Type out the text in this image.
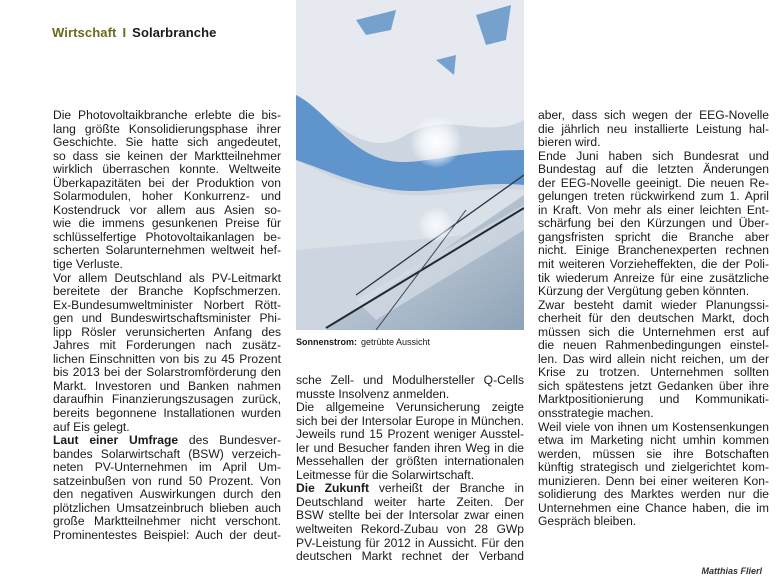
Wirtschaft I Solarbranche
Sonnenstrom: getrübte Aussicht
Die Photovoltaikbranche erlebte die bis-
lang größte Konsolidierungsphase ihrer
Geschichte. Sie hatte sich angedeutet,
so dass sie keinen der Marktteilnehmer
wirklich überraschen konnte. Weltweite
Überkapazitäten bei der Produktion von
Solarmodulen, hoher Konkurrenz- und
Kostendruck vor allem aus Asien so-
wie die immens gesunkenen Preise für
schlüsselfertige Photovoltaikanlagen be-
scherten Solarunternehmen weltweit hef-
tige Verluste.
Vor allem Deutschland als PV-Leitmarkt
bereitete der Branche Kopfschmerzen.
Ex-Bundesumweltminister Norbert Rött-
gen und Bundeswirtschaftsminister Phi-
lipp Rösler verunsicherten Anfang des
Jahres mit Forderungen nach zusätz-
lichen Einschnitten von bis zu 45 Prozent
bis 2013 bei der Solarstromförderung den
Markt. Investoren und Banken nahmen
daraufhin Finanzierungszusagen zurück,
bereits begonnene Installationen wurden
auf Eis gelegt.
Laut einer Umfrage des Bundesver-
bandes Solarwirtschaft (BSW) verzeich-
neten PV-Unternehmen im April Um-
satzeinbußen von rund 50 Prozent. Von
den negativen Auswirkungen durch den
plötzlichen Umsatzeinbruch blieben auch
große Marktteilnehmer nicht verschont.
Prominentestes Beispiel: Auch der deut-
sche Zell- und Modulhersteller Q-Cells
musste Insolvenz anmelden.
Die allgemeine Verunsicherung zeigte
sich bei der Intersolar Europe in München.
Jeweils rund 15 Prozent weniger Ausstel-
ler und Besucher fanden ihren Weg in die
Messehallen der größten internationalen
Leitmesse für die Solarwirtschaft.
Die Zukunft verheißt der Branche in
Deutschland weiter harte Zeiten. Der
BSW stellte bei der Intersolar zwar einen
weltweiten Rekord-Zubau von 28 GWp
PV-Leistung für 2012 in Aussicht. Für den
deutschen Markt rechnet der Verband
aber, dass sich wegen der EEG-Novelle
die jährlich neu installierte Leistung hal-
bieren wird.
Ende Juni haben sich Bundesrat und
Bundestag auf die letzten Änderungen
der EEG-Novelle geeinigt. Die neuen Re-
gelungen treten rückwirkend zum 1. April
in Kraft. Von mehr als einer leichten Ent-
schärfung bei den Kürzungen und Über-
gangsfristen spricht die Branche aber
nicht. Einige Branchenexperten rechnen
mit weiteren Vorzieheffekten, die der Poli-
tik wiederum Anreize für eine zusätzliche
Kürzung der Vergütung geben könnten.
Zwar besteht damit wieder Planungssi-
cherheit für den deutschen Markt, doch
müssen sich die Unternehmen erst auf
die neuen Rahmenbedingungen einstel-
len. Das wird allein nicht reichen, um der
Krise zu trotzen. Unternehmen sollten
sich spätestens jetzt Gedanken über ihre
Marktpositionierung und Kommunikati-
onsstrategie machen.
Weil viele von ihnen um Kostensenkungen
etwa im Marketing nicht umhin kommen
werden, müssen sie ihre Botschaften
künftig strategisch und zielgerichtet kom-
munizieren. Denn bei einer weiteren Kon-
solidierung des Marktes werden nur die
Unternehmen eine Chance haben, die im
Gespräch bleiben.
Matthias Flierl
